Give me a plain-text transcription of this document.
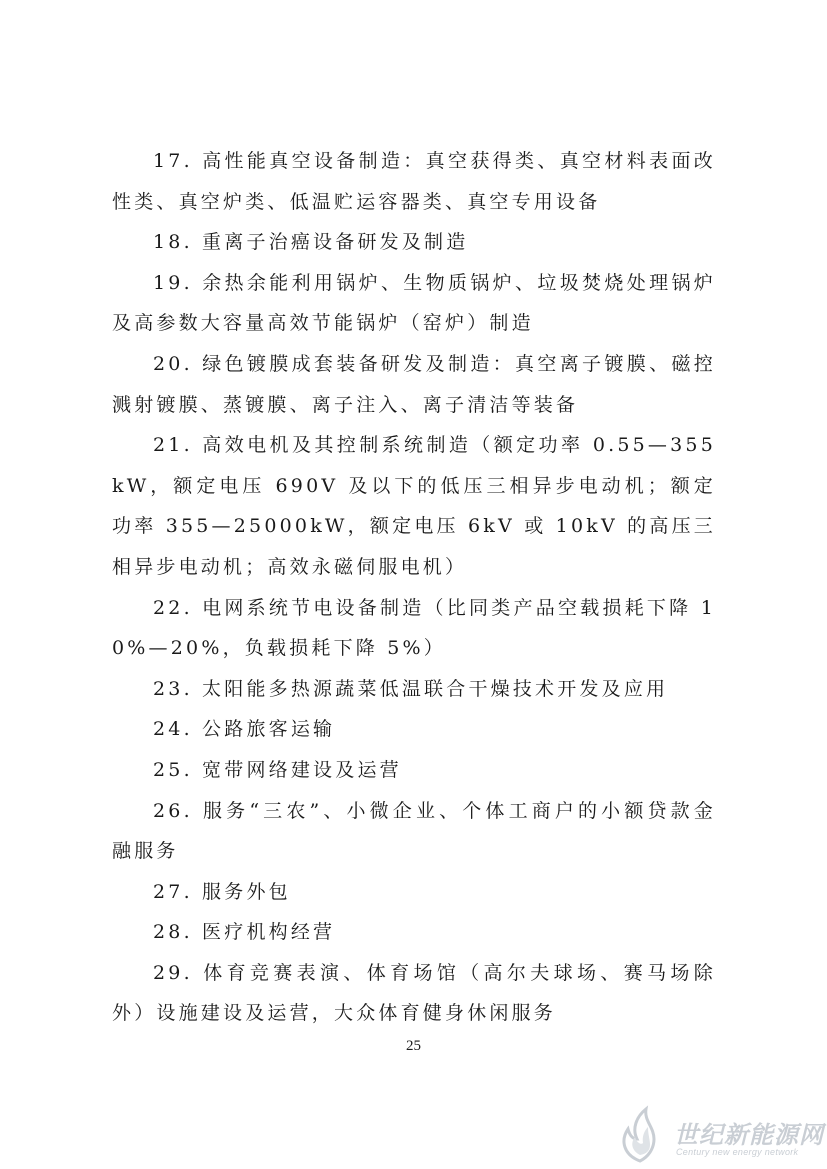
17. 高性能真空设备制造：真空获得类、真空材料表面改性类、真空炉类、低温贮运容器类、真空专用设备

18. 重离子治癌设备研发及制造

19. 余热余能利用锅炉、生物质锅炉、垃圾焚烧处理锅炉及高参数大容量高效节能锅炉（窑炉）制造

20. 绿色镀膜成套装备研发及制造：真空离子镀膜、磁控溅射镀膜、蒸镀膜、离子注入、离子清洁等装备

21. 高效电机及其控制系统制造（额定功率 0.55—355kW，额定电压 690V 及以下的低压三相异步电动机；额定功率 355—25000kW，额定电压 6kV 或 10kV 的高压三相异步电动机；高效永磁伺服电机）

22. 电网系统节电设备制造（比同类产品空载损耗下降 10%—20%，负载损耗下降 5%）

23. 太阳能多热源蔬菜低温联合干燥技术开发及应用

24. 公路旅客运输

25. 宽带网络建设及运营

26. 服务“三农”、小微企业、个体工商户的小额贷款金融服务

27. 服务外包

28. 医疗机构经营

29. 体育竞赛表演、体育场馆（高尔夫球场、赛马场除外）设施建设及运营，大众体育健身休闲服务

25
世纪新能源网
Century new energy network
